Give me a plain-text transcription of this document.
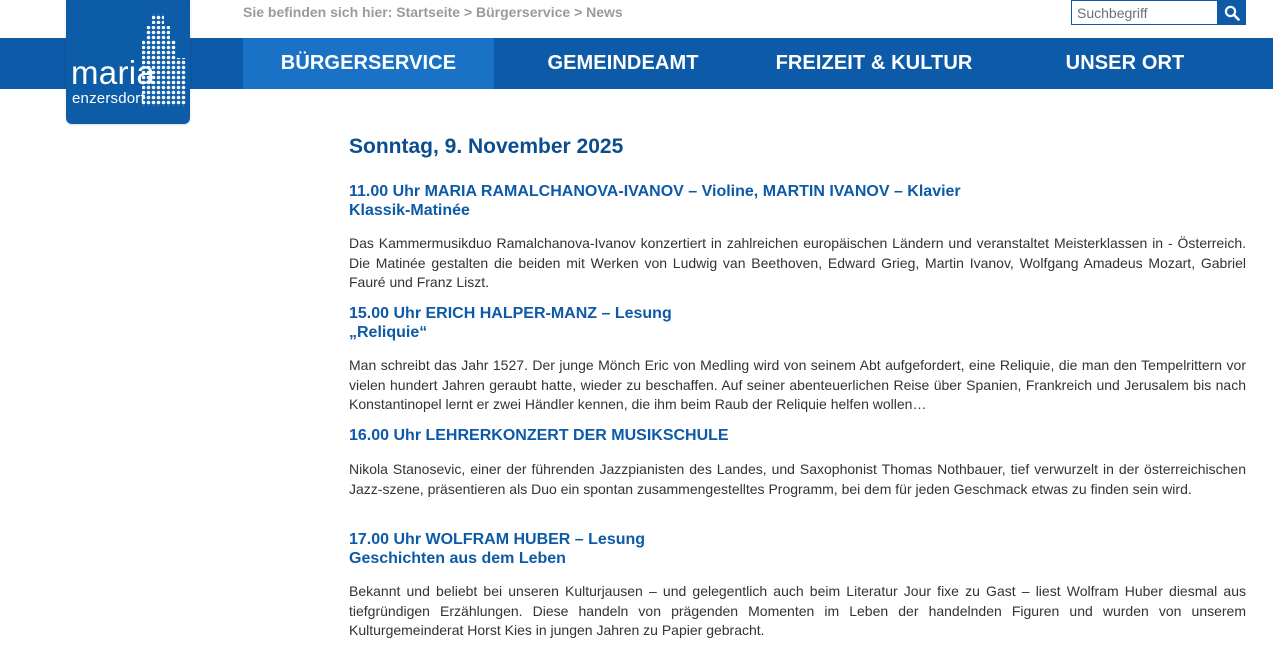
BÜRGERSERVICE	GEMEINDEAMT	FREIZEIT & KULTUR	UNSER ORT
maria
enzersdorf
Sie befinden sich hier: Startseite > Bürgerservice > News
Suchbegriff
Sonntag, 9. November 2025
11.00 Uhr MARIA RAMALCHANOVA-IVANOV – Violine, MARTIN IVANOV – Klavier
Klassik-Matinée

Das Kammermusikduo Ramalchanova-Ivanov konzertiert in zahlreichen europäischen Ländern und veranstaltet Meisterklassen in - Österreich. Die Matinée gestalten die beiden mit Werken von Ludwig van Beethoven, Edward Grieg, Martin Ivanov, Wolfgang Amadeus Mozart, Gabriel Fauré und Franz Liszt.

15.00 Uhr ERICH HALPER-MANZ – Lesung
„Reliquie“

Man schreibt das Jahr 1527. Der junge Mönch Eric von Medling wird von seinem Abt aufgefordert, eine Reliquie, die man den Tempelrittern vor vielen hundert Jahren geraubt hatte, wieder zu beschaffen. Auf seiner abenteuerlichen Reise über Spanien, Frankreich und Jerusalem bis nach Konstantinopel lernt er zwei Händler kennen, die ihm beim Raub der Reliquie helfen wollen…

16.00 Uhr LEHRERKONZERT DER MUSIKSCHULE

Nikola Stanosevic, einer der führenden Jazzpianisten des Landes, und Saxophonist Thomas Nothbauer, tief verwurzelt in der österreichischen Jazz-szene, präsentieren als Duo ein spontan zusammengestelltes Programm, bei dem für jeden Geschmack etwas zu finden sein wird.

17.00 Uhr WOLFRAM HUBER – Lesung
Geschichten aus dem Leben

Bekannt und beliebt bei unseren Kulturjausen – und gelegentlich auch beim Literatur Jour fixe zu Gast – liest Wolfram Huber diesmal aus tiefgründigen Erzählungen. Diese handeln von prägenden Momenten im Leben der handelnden Figuren und wurden von unserem Kulturgemeinderat Horst Kies in jungen Jahren zu Papier gebracht.
